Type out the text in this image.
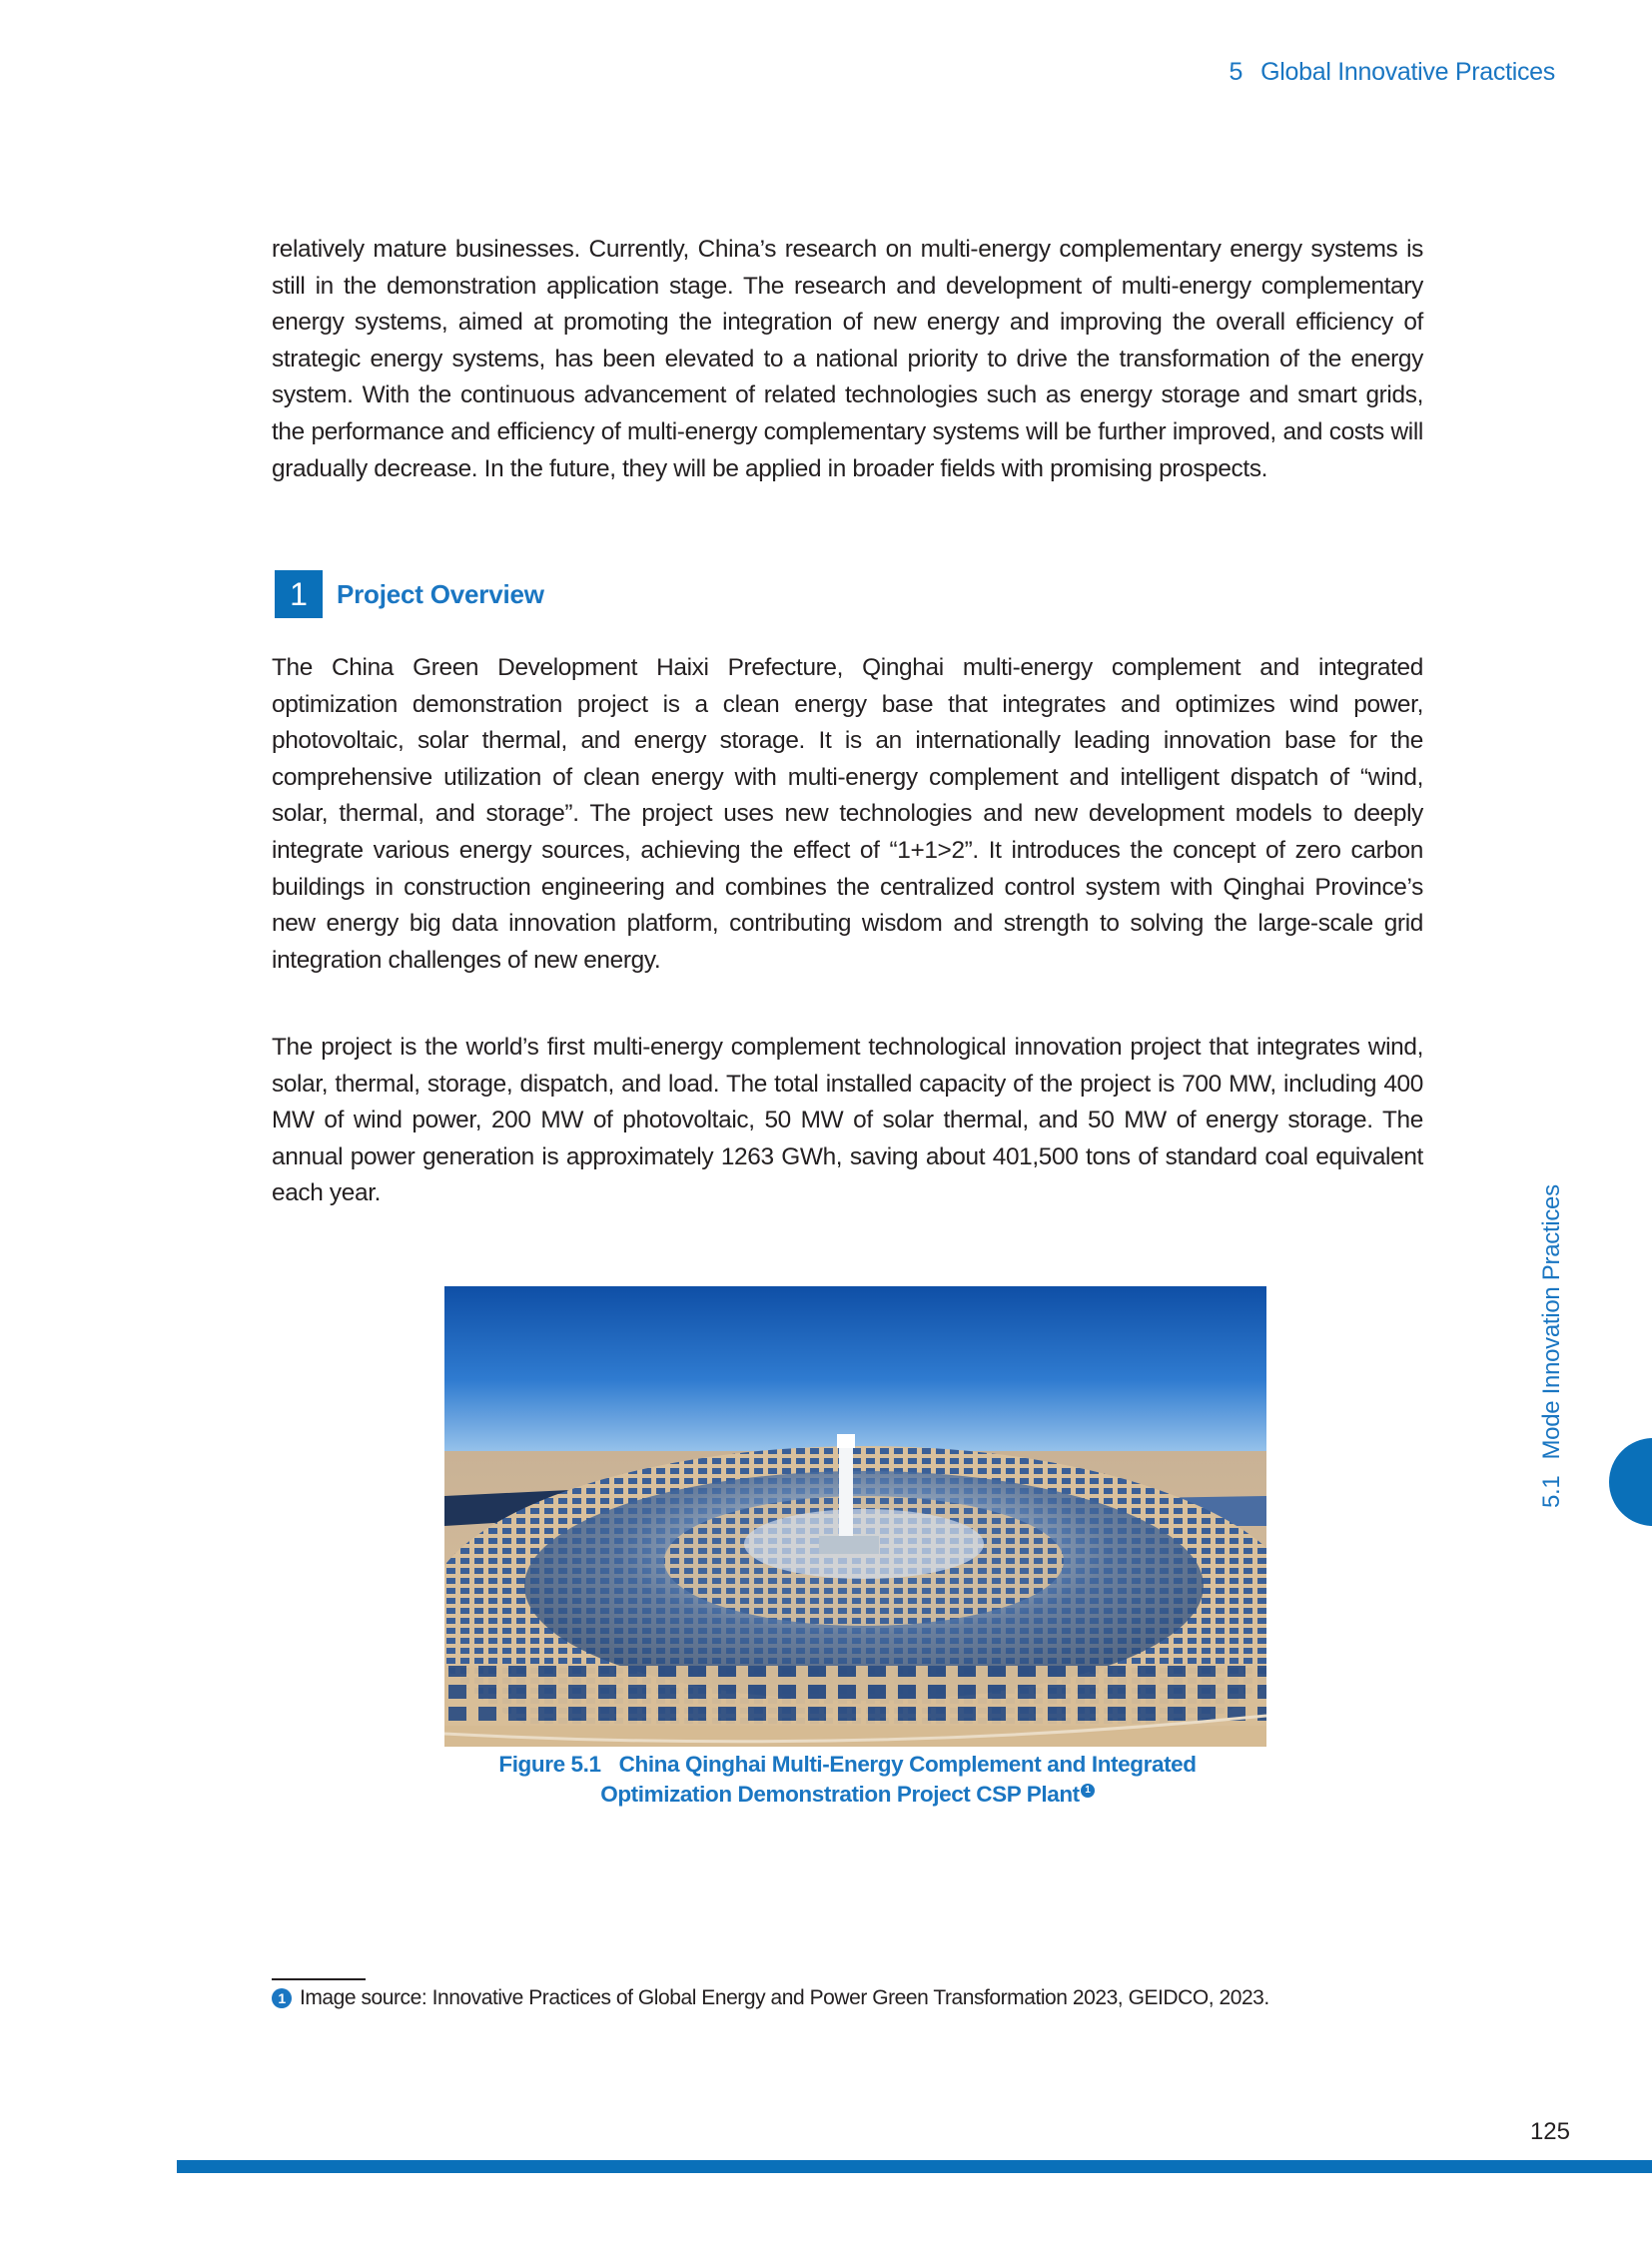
5 Global Innovative Practices

relatively mature businesses. Currently, China’s research on multi-energy complementary energy systems is still in the demonstration application stage. The research and development of multi-energy complementary energy systems, aimed at promoting the integration of new energy and improving the overall efficiency of strategic energy systems, has been elevated to a national priority to drive the transformation of the energy system. With the continuous advancement of related technologies such as energy storage and smart grids, the performance and efficiency of multi-energy complementary systems will be further improved, and costs will gradually decrease. In the future, they will be applied in broader fields with promising prospects.

1	Project Overview

The China Green Development Haixi Prefecture, Qinghai multi-energy complement and integrated optimization demonstration project is a clean energy base that integrates and optimizes wind power, photovoltaic, solar thermal, and energy storage. It is an internationally leading innovation base for the comprehensive utilization of clean energy with multi-energy complement and intelligent dispatch of “wind, solar, thermal, and storage”. The project uses new technologies and new development models to deeply integrate various energy sources, achieving the effect of “1+1>2”. It introduces the concept of zero carbon buildings in construction engineering and combines the centralized control system with Qinghai Province’s new energy big data innovation platform, contributing wisdom and strength to solving the large-scale grid integration challenges of new energy.

The project is the world’s first multi-energy complement technological innovation project that integrates wind, solar, thermal, storage, dispatch, and load. The total installed capacity of the project is 700 MW, including 400 MW of wind power, 200 MW of photovoltaic, 50 MW of solar thermal, and 50 MW of energy storage. The annual power generation is approximately 1263 GWh, saving about 401,500 tons of standard coal equivalent each year.

Figure 5.1 China Qinghai Multi-Energy Complement and Integrated
Optimization Demonstration Project CSP Plant 1
1 Image source: Innovative Practices of Global Energy and Power Green Transformation 2023, GEIDCO, 2023.
5.1Mode Innovation Practices
125
